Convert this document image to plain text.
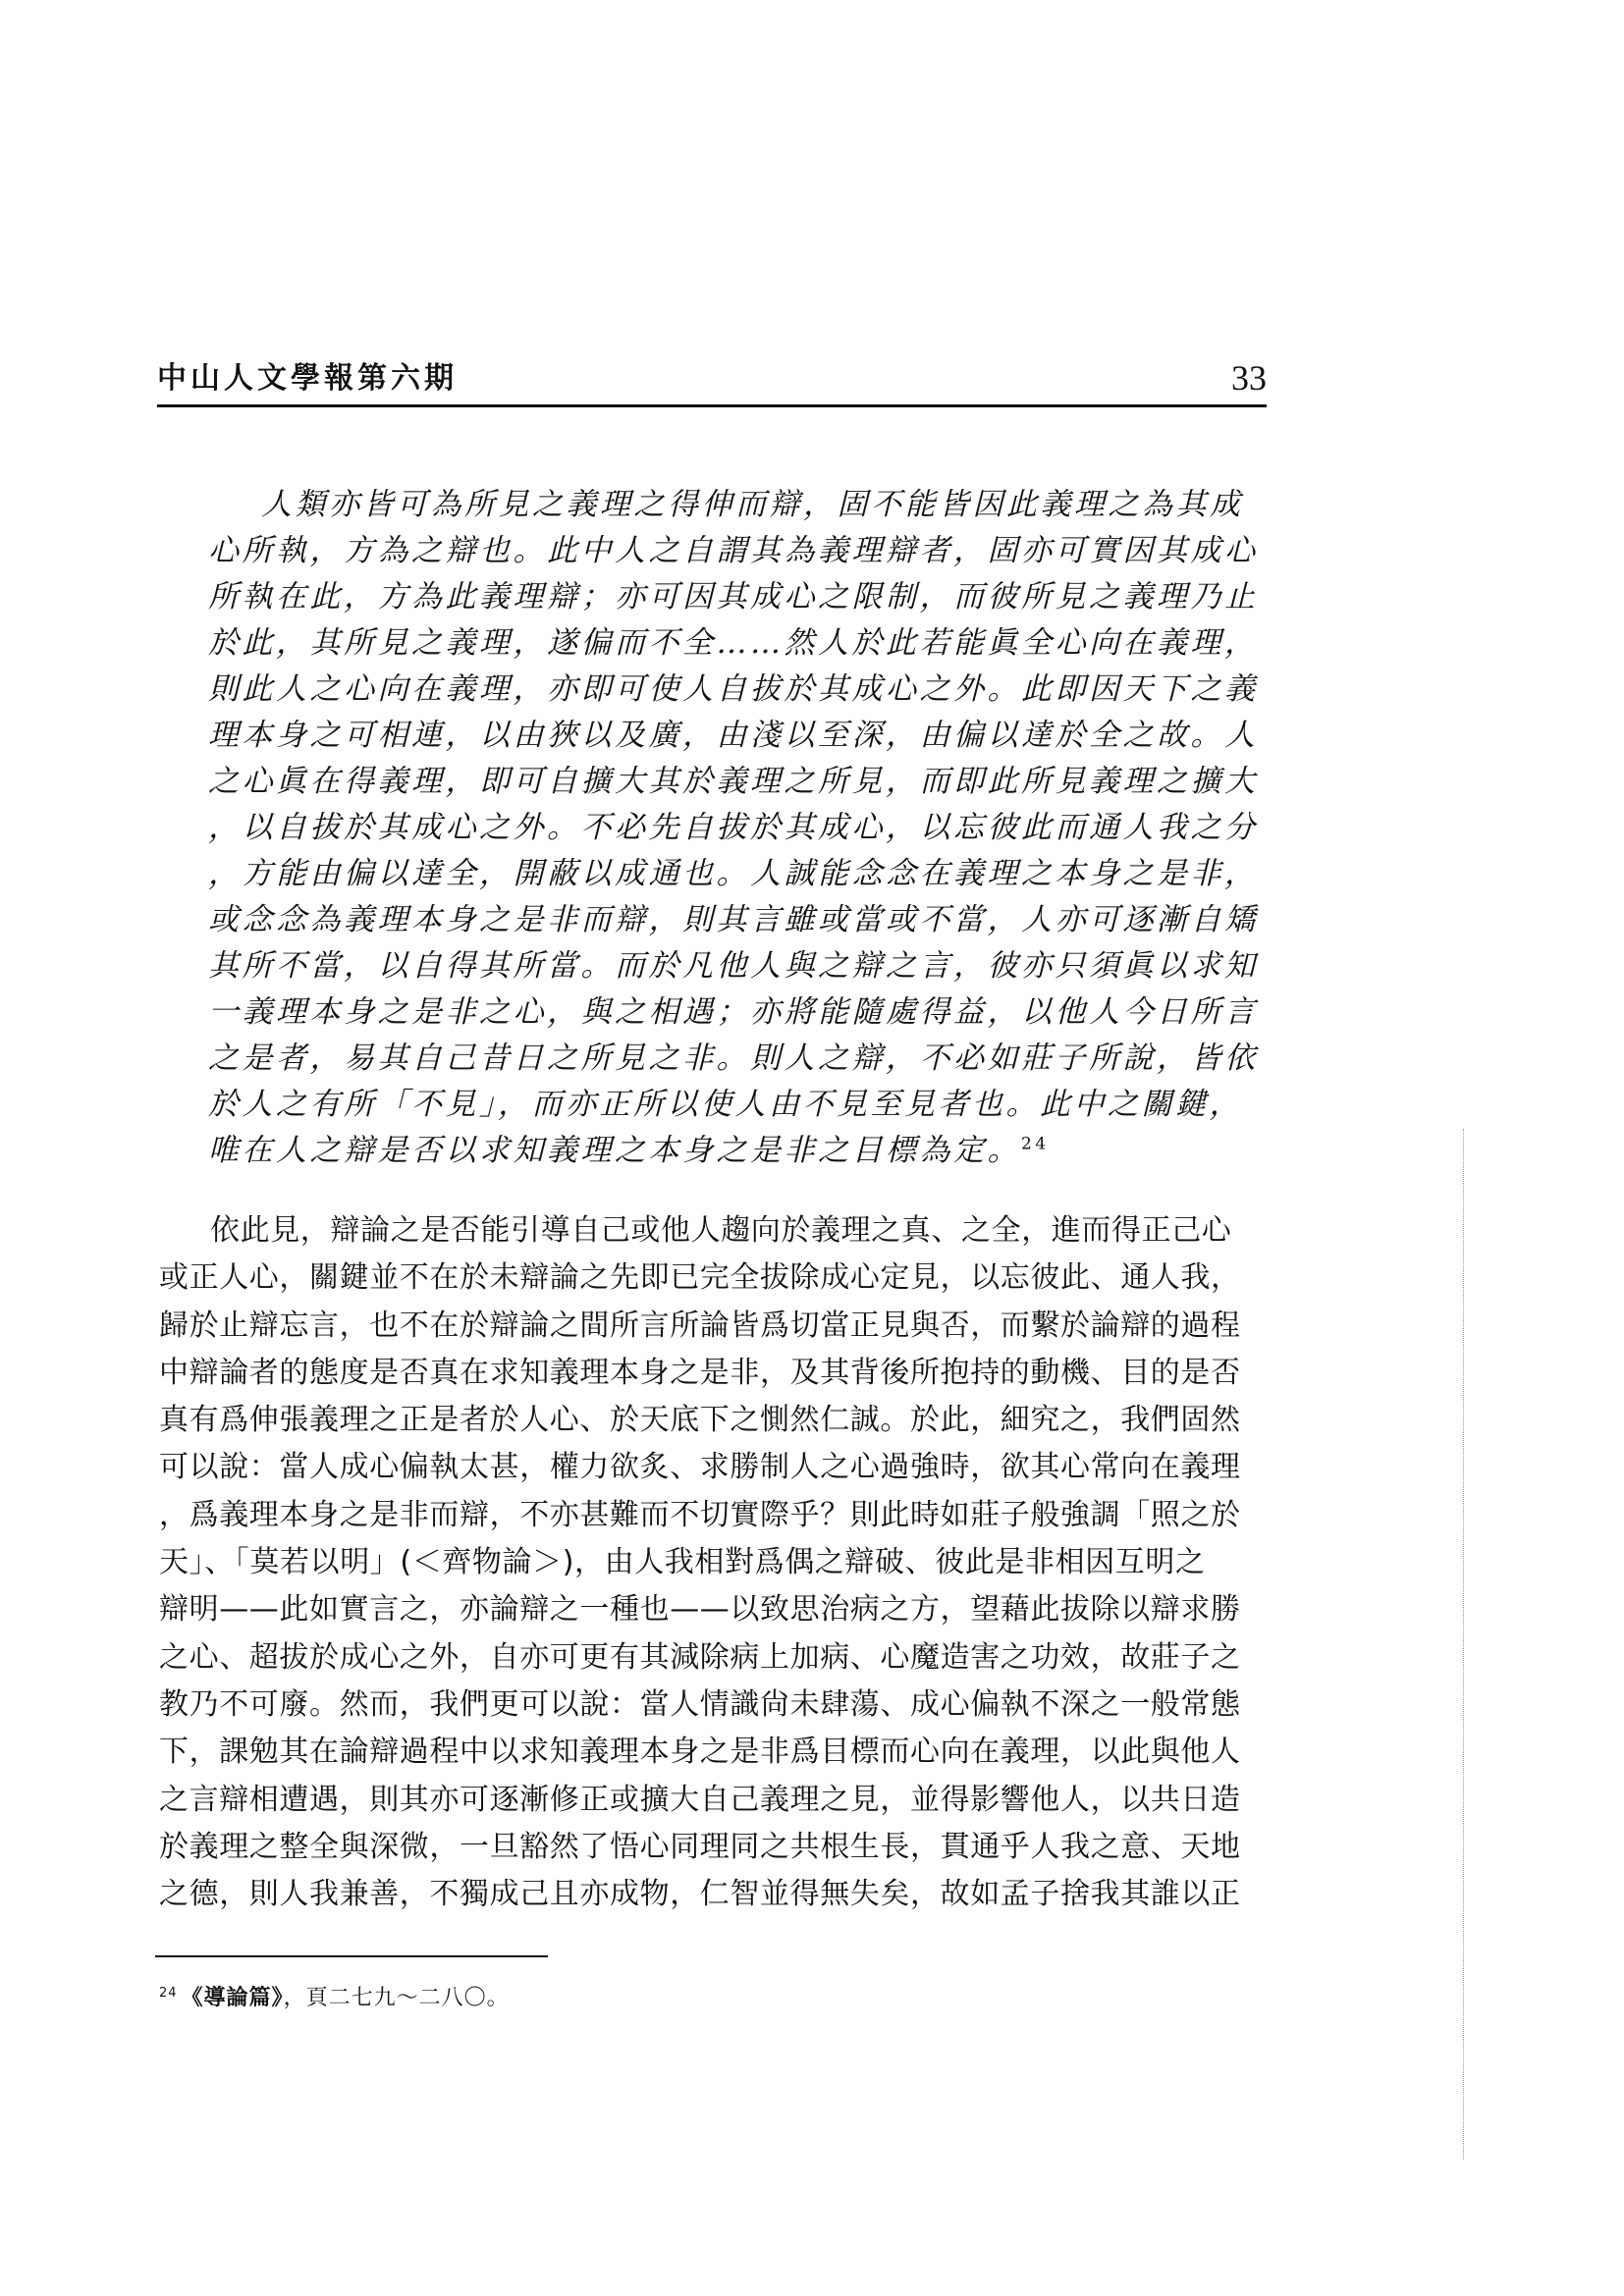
中山人文學報第六期	33
人類亦皆可為所見之義理之得伸而辯，固不能皆因此義理之為其成
心所執，方為之辯也。此中人之自謂其為義理辯者，固亦可實因其成心
所執在此，方為此義理辯；亦可因其成心之限制，而彼所見之義理乃止
於此，其所見之義理，遂偏而不全……然人於此若能眞全心向在義理，
則此人之心向在義理，亦即可使人自拔於其成心之外。此即因天下之義
理本身之可相連，以由狹以及廣，由淺以至深，由偏以達於全之故。人
之心眞在得義理，即可自擴大其於義理之所見，而即此所見義理之擴大
，以自拔於其成心之外。不必先自拔於其成心，以忘彼此而通人我之分
，方能由偏以達全，開蔽以成通也。人誠能念念在義理之本身之是非，
或念念為義理本身之是非而辯，則其言雖或當或不當，人亦可逐漸自矯
其所不當，以自得其所當。而於凡他人與之辯之言，彼亦只須眞以求知
一義理本身之是非之心，與之相遇；亦將能隨處得益，以他人今日所言
之是者，易其自己昔日之所見之非。則人之辯，不必如莊子所說，皆依
於人之有所「不見」，而亦正所以使人由不見至見者也。此中之關鍵，
唯在人之辯是否以求知義理之本身之是非之目標為定。$^{24}$
依此見，辯論之是否能引導自己或他人趨向於義理之真、之全，進而得正己心
或正人心，關鍵並不在於未辯論之先即已完全拔除成心定見，以忘彼此、通人我，
歸於止辯忘言，也不在於辯論之間所言所論皆爲切當正見與否，而繫於論辯的過程
中辯論者的態度是否真在求知義理本身之是非，及其背後所抱持的動機、目的是否
真有爲伸張義理之正是者於人心、於天底下之惻然仁誠。於此，細究之，我們固然
可以說：當人成心偏執太甚，權力欲炙、求勝制人之心過強時，欲其心常向在義理
，爲義理本身之是非而辯，不亦甚難而不切實際乎？則此時如莊子般強調「照之於
天」、「莫若以明」(＜齊物論＞)，由人我相對爲偶之辯破、彼此是非相因互明之
辯明——此如實言之，亦論辯之一種也——以致思治病之方，望藉此拔除以辯求勝
之心、超拔於成心之外，自亦可更有其減除病上加病、心魔造害之功效，故莊子之
教乃不可廢。然而，我們更可以說：當人情識尙未肆蕩、成心偏執不深之一般常態
下，課勉其在論辯過程中以求知義理本身之是非爲目標而心向在義理，以此與他人
之言辯相遭遇，則其亦可逐漸修正或擴大自己義理之見，並得影響他人，以共日造
於義理之整全與深微，一旦豁然了悟心同理同之共根生長，貫通乎人我之意、天地
之德，則人我兼善，不獨成己且亦成物，仁智並得無失矣，故如孟子捨我其誰以正
$^{24}$ 《導論篇》，頁二七九～二八〇。
